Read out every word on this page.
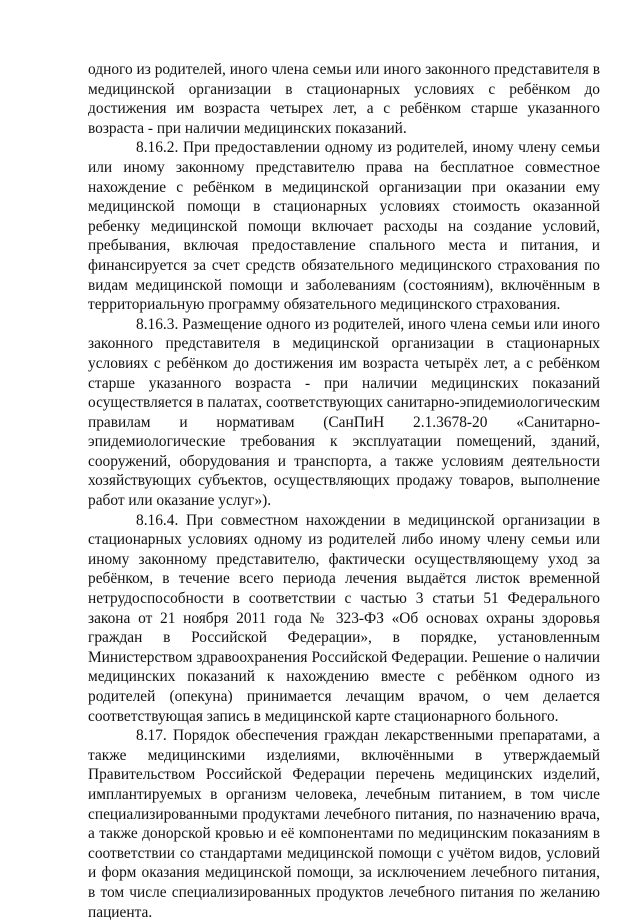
одного из родителей, иного члена семьи или иного законного представителя в медицинской организации в стационарных условиях с ребёнком до достижения им возраста четырех лет, а с ребёнком старше указанного возраста - при наличии медицинских показаний.

8.16.2. При предоставлении одному из родителей, иному члену семьи или иному законному представителю права на бесплатное совместное нахождение с ребёнком в медицинской организации при оказании ему медицинской помощи в стационарных условиях стоимость оказанной ребенку медицинской помощи включает расходы на создание условий, пребывания, включая предоставление спального места и питания, и финансируется за счет средств обязательного медицинского страхования по видам медицинской помощи и заболеваниям (состояниям), включённым в территориальную программу обязательного медицинского страхования.

8.16.3. Размещение одного из родителей, иного члена семьи или иного законного представителя в медицинской организации в стационарных условиях с ребёнком до достижения им возраста четырёх лет, а с ребёнком старше указанного возраста - при наличии медицинских показаний осуществляется в палатах, соответствующих санитарно-эпидемиологическим правилам и нормативам (СанПиН 2.1.3678-20 «Санитарно-эпидемиологические требования к эксплуатации помещений, зданий, сооружений, оборудования и транспорта, а также условиям деятельности хозяйствующих субъектов, осуществляющих продажу товаров, выполнение работ или оказание услуг»).

8.16.4. При совместном нахождении в медицинской организации в стационарных условиях одному из родителей либо иному члену семьи или иному законному представителю, фактически осуществляющему уход за ребёнком, в течение всего периода лечения выдаётся листок временной нетрудоспособности в соответствии с частью 3 статьи 51 Федерального закона от 21 ноября 2011 года № 323-ФЗ «Об основах охраны здоровья граждан в Российской Федерации», в порядке, установленным Министерством здравоохранения Российской Федерации. Решение о наличии медицинских показаний к нахождению вместе с ребёнком одного из родителей (опекуна) принимается лечащим врачом, о чем делается соответствующая запись в медицинской карте стационарного больного.

8.17. Порядок обеспечения граждан лекарственными препаратами, а также медицинскими изделиями, включёнными в утверждаемый Правительством Российской Федерации перечень медицинских изделий, имплантируемых в организм человека, лечебным питанием, в том числе специализированными продуктами лечебного питания, по назначению врача, а также донорской кровью и её компонентами по медицинским показаниям в соответствии со стандартами медицинской помощи с учётом видов, условий и форм оказания медицинской помощи, за исключением лечебного питания, в том числе специализированных продуктов лечебного питания по желанию пациента.
